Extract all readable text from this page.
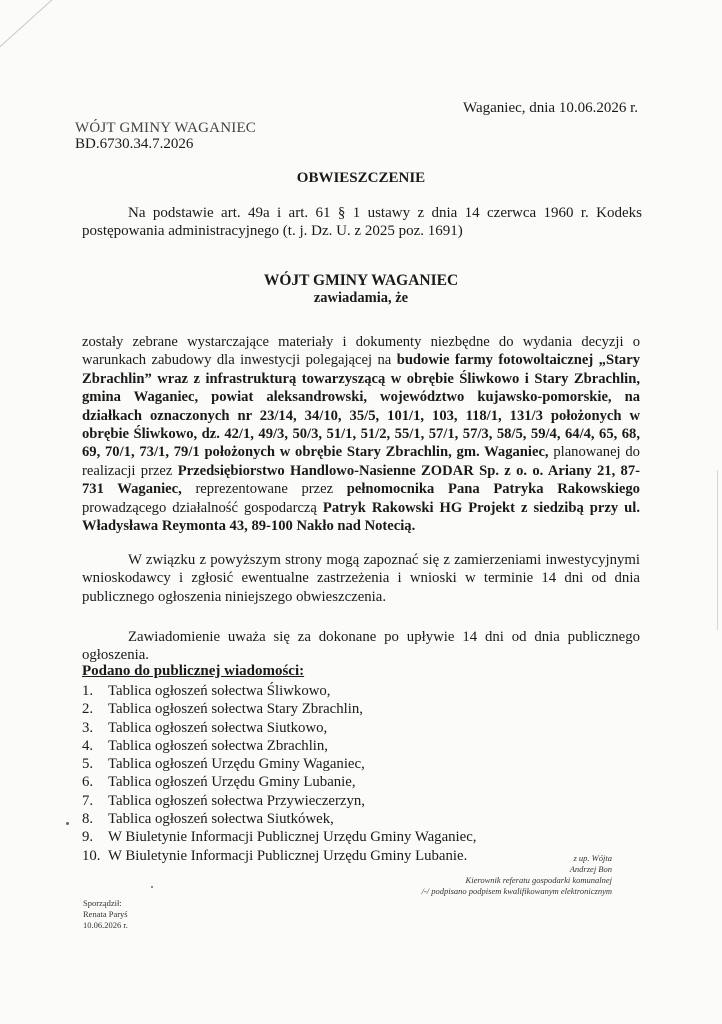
Waganiec, dnia 10.06.2026 r.
WÓJT GMINY WAGANIEC
BD.6730.34.7.2026
OBWIESZCZENIE
Na podstawie art. 49a i art. 61 § 1 ustawy z dnia 14 czerwca 1960 r. Kodeks postępowania administracyjnego (t. j. Dz. U. z 2025 poz. 1691)
WÓJT GMINY WAGANIEC
zawiadamia, że
zostały zebrane wystarczające materiały i dokumenty niezbędne do wydania decyzji o warunkach zabudowy dla inwestycji polegającej na budowie farmy fotowoltaicznej „Stary Zbrachlin” wraz z infrastrukturą towarzyszącą w obrębie Śliwkowo i Stary Zbrachlin, gmina Waganiec, powiat aleksandrowski, województwo kujawsko-pomorskie, na działkach oznaczonych nr 23/14, 34/10, 35/5, 101/1, 103, 118/1, 131/3 położonych w obrębie Śliwkowo, dz. 42/1, 49/3, 50/3, 51/1, 51/2, 55/1, 57/1, 57/3, 58/5, 59/4, 64/4, 65, 68, 69, 70/1, 73/1, 79/1 położonych w obrębie Stary Zbrachlin, gm. Waganiec, planowanej do realizacji przez Przedsiębiorstwo Handlowo-Nasienne ZODAR Sp. z o. o. Ariany 21, 87-731 Waganiec, reprezentowane przez pełnomocnika Pana Patryka Rakowskiego prowadzącego działalność gospodarczą Patryk Rakowski HG Projekt z siedzibą przy ul. Władysława Reymonta 43, 89-100 Nakło nad Notecią.
W związku z powyższym strony mogą zapoznać się z zamierzeniami inwestycyjnymi wnioskodawcy i zgłosić ewentualne zastrzeżenia i wnioski w terminie 14 dni od dnia publicznego ogłoszenia niniejszego obwieszczenia.
Zawiadomienie uważa się za dokonane po upływie 14 dni od dnia publicznego ogłoszenia.
Podano do publicznej wiadomości:
1.	Tablica ogłoszeń sołectwa Śliwkowo,
2.	Tablica ogłoszeń sołectwa Stary Zbrachlin,
3.	Tablica ogłoszeń sołectwa Siutkowo,
4.	Tablica ogłoszeń sołectwa Zbrachlin,
5.	Tablica ogłoszeń Urzędu Gminy Waganiec,
6.	Tablica ogłoszeń Urzędu Gminy Lubanie,
7.	Tablica ogłoszeń sołectwa Przywieczerzyn,
8.	Tablica ogłoszeń sołectwa Siutkówek,
9.	W Biuletynie Informacji Publicznej Urzędu Gminy Waganiec,
10. W Biuletynie Informacji Publicznej Urzędu Gminy Lubanie.	z up. Wójta
Andrzej Bon
Kierownik referatu gospodarki komunalnej
/-/ podpisano podpisem kwalifikowanym elektronicznym
Sporządził:
Renata Paryś
10.06.2026 r.
